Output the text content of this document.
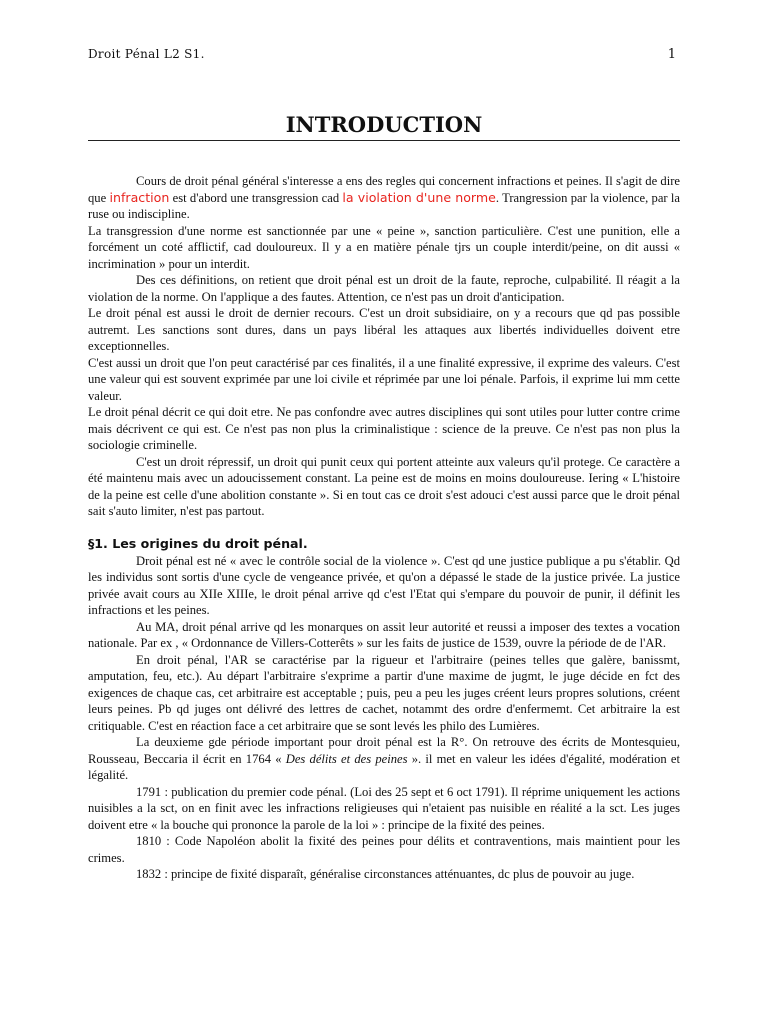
Droit Pénal L2 S1.	1
INTRODUCTION

Cours de droit pénal général s'interesse a ens des regles qui concernent infractions et peines. Il s'agit de dire que infraction est d'abord une transgression cad la violation d'une norme. Trangression par la violence, par la ruse ou indiscipline.

La transgression d'une norme est sanctionnée par une « peine », sanction particulière. C'est une punition, elle a forcément un coté afflictif, cad douloureux. Il y a en matière pénale tjrs un couple interdit/peine, on dit aussi « incrimination » pour un interdit.

Des ces définitions, on retient que droit pénal est un droit de la faute, reproche, culpabilité. Il réagit a la violation de la norme. On l'applique a des fautes. Attention, ce n'est pas un droit d'anticipation.

Le droit pénal est aussi le droit de dernier recours. C'est un droit subsidiaire, on y a recours que qd pas possible autremt. Les sanctions sont dures, dans un pays libéral les attaques aux libertés individuelles doivent etre exceptionnelles.

C'est aussi un droit que l'on peut caractérisé par ces finalités, il a une finalité expressive, il exprime des valeurs. C'est une valeur qui est souvent exprimée par une loi civile et réprimée par une loi pénale. Parfois, il exprime lui mm cette valeur.

Le droit pénal décrit ce qui doit etre. Ne pas confondre avec autres disciplines qui sont utiles pour lutter contre crime mais décrivent ce qui est. Ce n'est pas non plus la criminalistique : science de la preuve. Ce n'est pas non plus la sociologie criminelle.

C'est un droit répressif, un droit qui punit ceux qui portent atteinte aux valeurs qu'il protege. Ce caractère a été maintenu mais avec un adoucissement constant. La peine est de moins en moins douloureuse. Iering « L'histoire de la peine est celle d'une abolition constante ». Si en tout cas ce droit s'est adouci c'est aussi parce que le droit pénal sait s'auto limiter, n'est pas partout.

§1. Les origines du droit pénal.

Droit pénal est né « avec le contrôle social de la violence ». C'est qd une justice publique a pu s'établir. Qd les individus sont sortis d'une cycle de vengeance privée, et qu'on a dépassé le stade de la justice privée. La justice privée avait cours au XIIe XIIIe, le droit pénal arrive qd c'est l'Etat qui s'empare du pouvoir de punir, il définit les infractions et les peines.

Au MA, droit pénal arrive qd les monarques on assit leur autorité et reussi a imposer des textes a vocation nationale. Par ex , « Ordonnance de Villers-Cotterêts » sur les faits de justice de 1539, ouvre la période de de l'AR.

En droit pénal, l'AR se caractérise par la rigueur et l'arbitraire (peines telles que galère, banissmt, amputation, feu, etc.). Au départ l'arbitraire s'exprime a partir d'une maxime de jugmt, le juge décide en fct des exigences de chaque cas, cet arbitraire est acceptable ; puis, peu a peu les juges créent leurs propres solutions, créent leurs peines. Pb qd juges ont délivré des lettres de cachet, notammt des ordre d'enfermemt. Cet arbitraire la est critiquable. C'est en réaction face a cet arbitraire que se sont levés les philo des Lumières.

La deuxieme gde période important pour droit pénal est la R°. On retrouve des écrits de Montesquieu, Rousseau, Beccaria il écrit en 1764 « Des délits et des peines ». il met en valeur les idées d'égalité, modération et légalité.

1791 : publication du premier code pénal. (Loi des 25 sept et 6 oct 1791). Il réprime uniquement les actions nuisibles a la sct, on en finit avec les infractions religieuses qui n'etaient pas nuisible en réalité a la sct. Les juges doivent etre « la bouche qui prononce la parole de la loi » : principe de la fixité des peines.

1810 : Code Napoléon abolit la fixité des peines pour délits et contraventions, mais maintient pour les crimes.

1832 : principe de fixité disparaît, généralise circonstances atténuantes, dc plus de pouvoir au juge.
